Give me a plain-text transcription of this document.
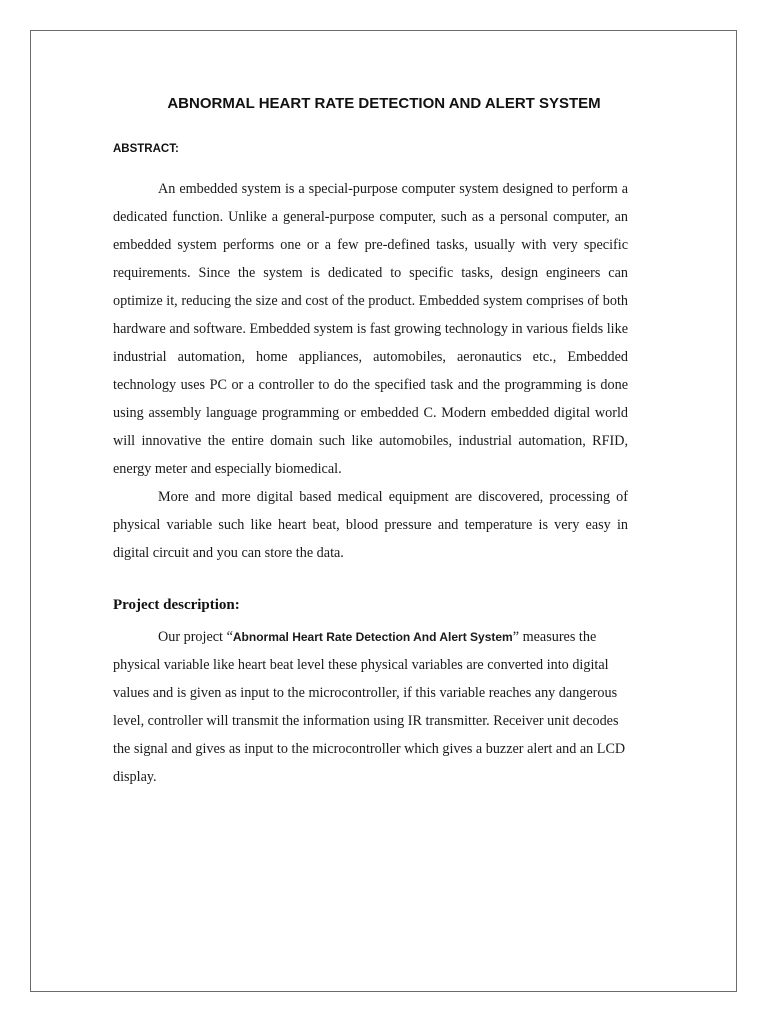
ABNORMAL HEART RATE DETECTION AND ALERT SYSTEM
ABSTRACT:

An embedded system is a special-purpose computer system designed to perform a dedicated function. Unlike a general-purpose computer, such as a personal computer, an embedded system performs one or a few pre-defined tasks, usually with very specific requirements. Since the system is dedicated to specific tasks, design engineers can optimize it, reducing the size and cost of the product. Embedded system comprises of both hardware and software. Embedded system is fast growing technology in various fields like industrial automation, home appliances, automobiles, aeronautics etc., Embedded technology uses PC or a controller to do the specified task and the programming is done using assembly language programming or embedded C. Modern embedded digital world will innovative the entire domain such like automobiles, industrial automation, RFID, energy meter and especially biomedical.

More and more digital based medical equipment are discovered, processing of physical variable such like heart beat, blood pressure and temperature is very easy in digital circuit and you can store the data.

Project description:

Our project “Abnormal Heart Rate Detection And Alert System” measures the physical variable like heart beat level these physical variables are converted into digital values and is given as input to the microcontroller, if this variable reaches any dangerous level, controller will transmit the information using IR transmitter. Receiver unit decodes the signal and gives as input to the microcontroller which gives a buzzer alert and an LCD display.
